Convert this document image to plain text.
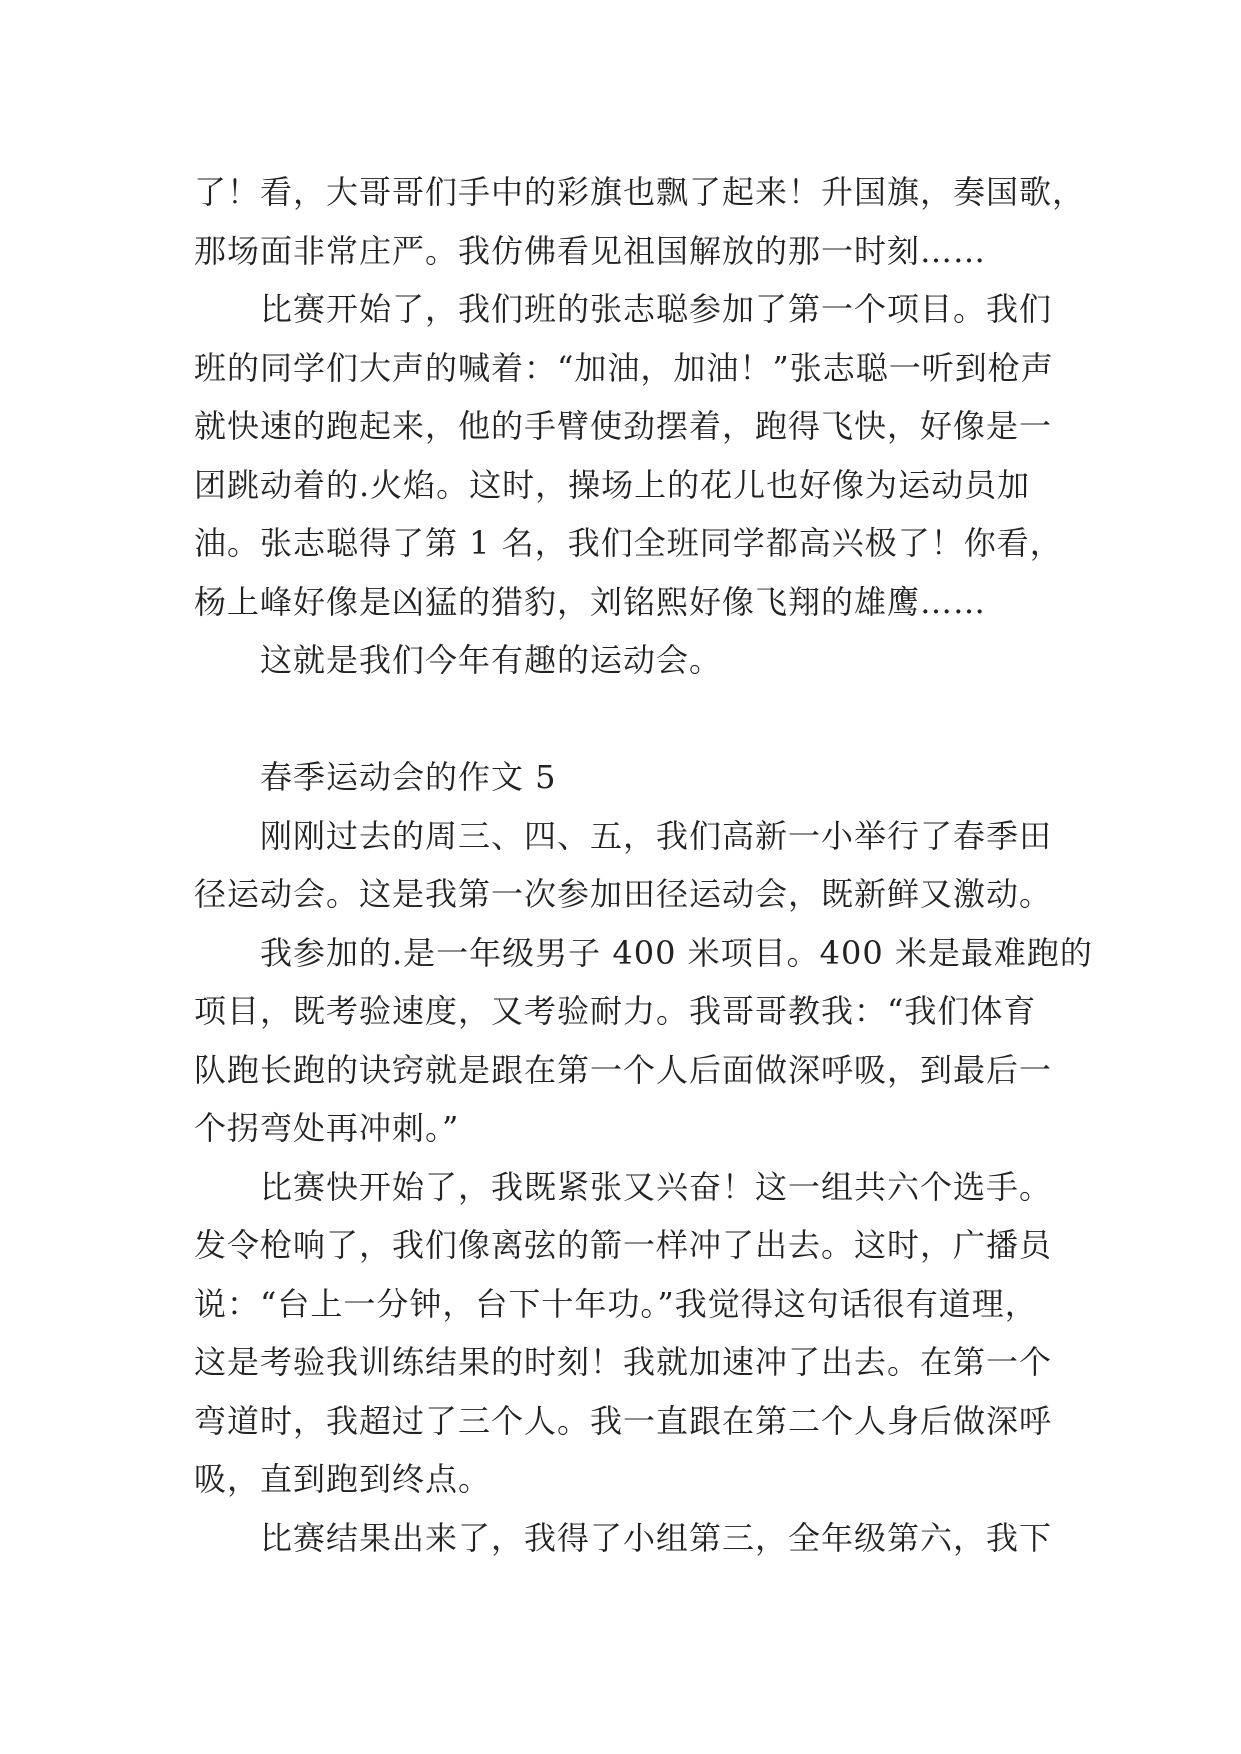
了！看，大哥哥们手中的彩旗也飘了起来！升国旗，奏国歌，
那场面非常庄严。我仿佛看见祖国解放的那一时刻……
比赛开始了，我们班的张志聪参加了第一个项目。我们
班的同学们大声的喊着：“加油，加油！”张志聪一听到枪声
就快速的跑起来，他的手臂使劲摆着，跑得飞快，好像是一
团跳动着的.火焰。这时，操场上的花儿也好像为运动员加
油。张志聪得了第 1 名，我们全班同学都高兴极了！你看，
杨上峰好像是凶猛的猎豹，刘铭熙好像飞翔的雄鹰……
这就是我们今年有趣的运动会。
春季运动会的作文 5
刚刚过去的周三、四、五，我们高新一小举行了春季田
径运动会。这是我第一次参加田径运动会，既新鲜又激动。
我参加的.是一年级男子 400 米项目。400 米是最难跑的
项目，既考验速度，又考验耐力。我哥哥教我：“我们体育
队跑长跑的诀窍就是跟在第一个人后面做深呼吸，到最后一
个拐弯处再冲刺。”
比赛快开始了，我既紧张又兴奋！这一组共六个选手。
发令枪响了，我们像离弦的箭一样冲了出去。这时，广播员
说：“台上一分钟，台下十年功。”我觉得这句话很有道理，
这是考验我训练结果的时刻！我就加速冲了出去。在第一个
弯道时，我超过了三个人。我一直跟在第二个人身后做深呼
吸，直到跑到终点。
比赛结果出来了，我得了小组第三，全年级第六，我下
